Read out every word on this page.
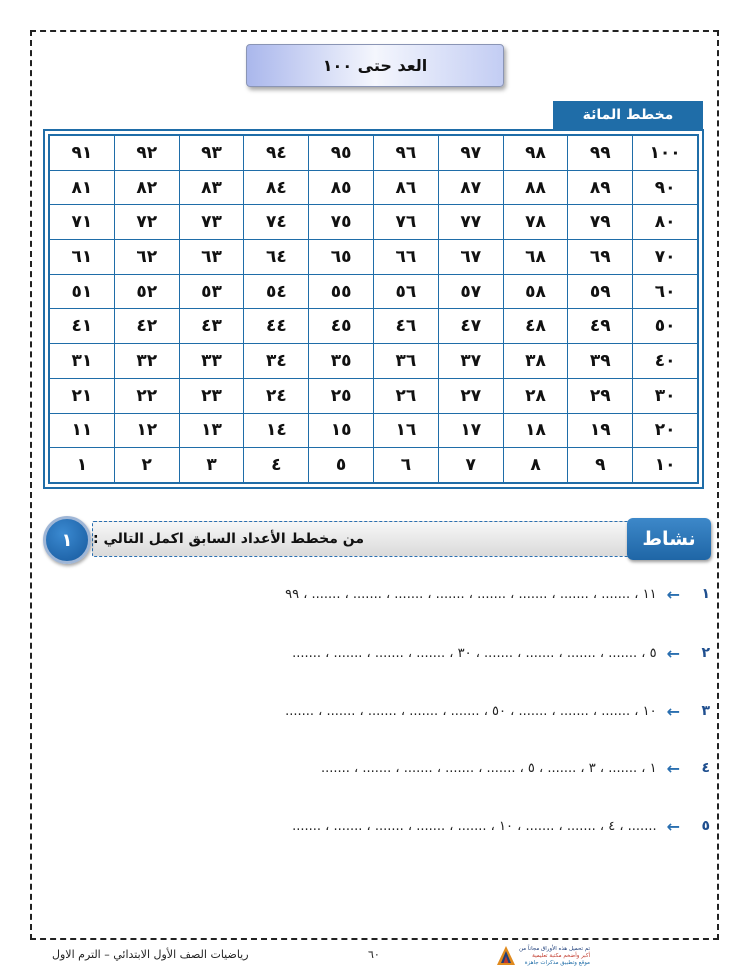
العد حتى ١٠٠
مخطط المائة
١٠٠	٩٩	٩٨	٩٧	٩٦	٩٥	٩٤	٩٣	٩٢	٩١
٩٠	٨٩	٨٨	٨٧	٨٦	٨٥	٨٤	٨٣	٨٢	٨١
٨٠	٧٩	٧٨	٧٧	٧٦	٧٥	٧٤	٧٣	٧٢	٧١
٧٠	٦٩	٦٨	٦٧	٦٦	٦٥	٦٤	٦٣	٦٢	٦١
٦٠	٥٩	٥٨	٥٧	٥٦	٥٥	٥٤	٥٣	٥٢	٥١
٥٠	٤٩	٤٨	٤٧	٤٦	٤٥	٤٤	٤٣	٤٢	٤١
٤٠	٣٩	٣٨	٣٧	٣٦	٣٥	٣٤	٣٣	٣٢	٣١
٣٠	٢٩	٢٨	٢٧	٢٦	٢٥	٢٤	٢٣	٢٢	٢١
٢٠	١٩	١٨	١٧	١٦	١٥	١٤	١٣	١٢	١١
١٠	٩	٨	٧	٦	٥	٤	٣	٢	١
من مخطط الأعداد السابق اكمل التالي :	نشاط
١
١
←
١١ ، ....... ، ....... ، ....... ، ....... ، ....... ، ....... ، ....... ، ....... ، ٩٩
٢
←
٥ ، ....... ، ....... ، ....... ، ....... ، ٣٠ ، ....... ، ....... ، ....... ، .......
٣
←
١٠ ، ....... ، ....... ، ....... ، ٥٠ ، ....... ، ....... ، ....... ، ....... ، .......
٤
←
١ ، ....... ، ٣ ، ....... ، ٥ ، ....... ، ....... ، ....... ، ....... ، .......
٥
←
....... ، ٤ ، ....... ، ....... ، ١٠ ، ....... ، ....... ، ....... ، ....... ، .......
رياضيات الصف الأول الابتدائي – الترم الاول	٦٠	تم تحميل هذه الأوراق مجاناً من
أكبر وأضخم مكتبة تعليمية
موقع وتطبيق مذكرات جاهزة
